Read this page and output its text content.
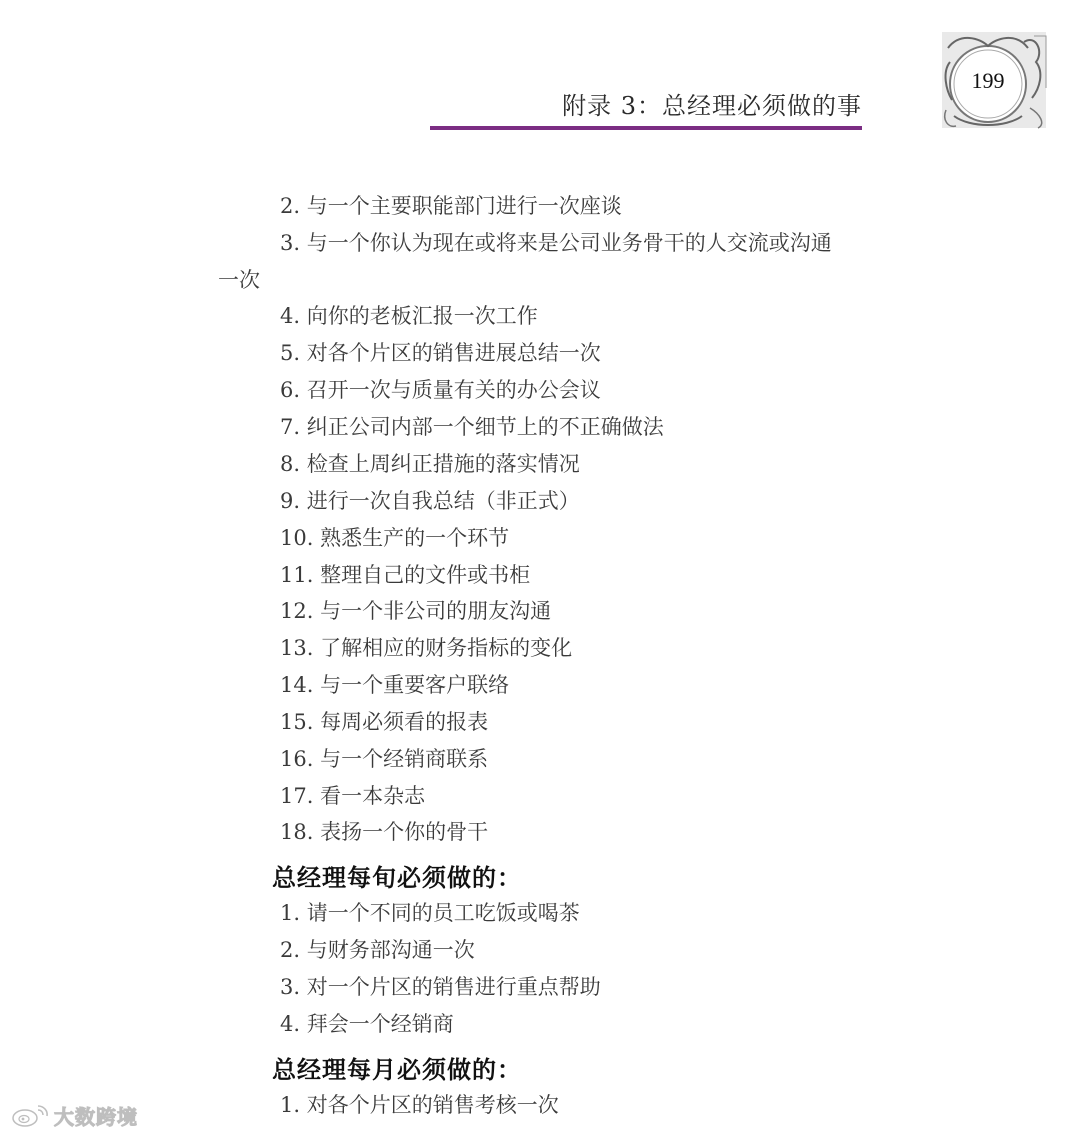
附录 3：总经理必须做的事
199
2. 与一个主要职能部门进行一次座谈
3. 与一个你认为现在或将来是公司业务骨干的人交流或沟通
一次
4. 向你的老板汇报一次工作
5. 对各个片区的销售进展总结一次
6. 召开一次与质量有关的办公会议
7. 纠正公司内部一个细节上的不正确做法
8. 检查上周纠正措施的落实情况
9. 进行一次自我总结（非正式）
10. 熟悉生产的一个环节
11. 整理自己的文件或书柜
12. 与一个非公司的朋友沟通
13. 了解相应的财务指标的变化
14. 与一个重要客户联络
15. 每周必须看的报表
16. 与一个经销商联系
17. 看一本杂志
18. 表扬一个你的骨干
总经理每旬必须做的：
1. 请一个不同的员工吃饭或喝茶
2. 与财务部沟通一次
3. 对一个片区的销售进行重点帮助
4. 拜会一个经销商
总经理每月必须做的：
1. 对各个片区的销售考核一次
大数跨境
